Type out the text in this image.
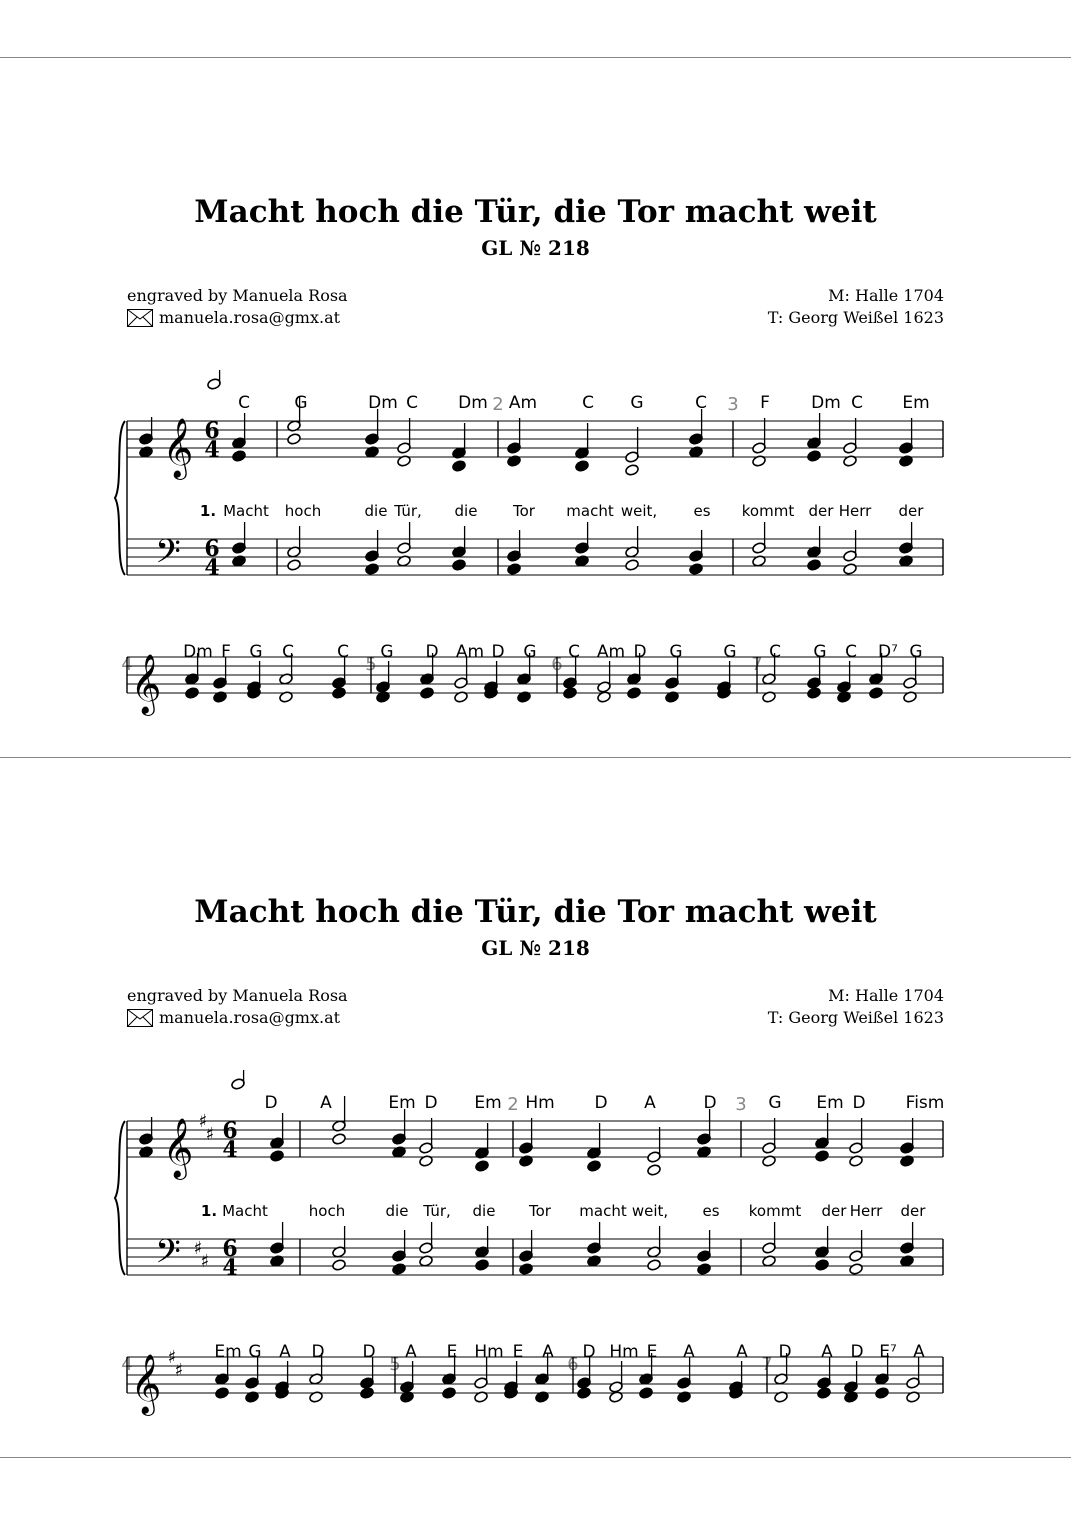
Macht hoch die Tür, die Tor macht weit
GL № 218
engraved by Manuela Rosa
manuela.rosa@gmx.at
M: Halle 1704
T: Georg Weißel 1623
𝄞
𝄢
6
4
6
4
C	G	Dm C Dm Am	C G	C	F Dm C Em
1. Macht hoch	die Tür, die Tor macht weit, es kommt der Herr der
2	3
4	5	6	7
𝄞
Dm F G C	C G D Am D G C Am D G G C G C D⁷ G
Macht hoch die Tür, die Tor macht weit
GL № 218
engraved by Manuela Rosa
manuela.rosa@gmx.at
M: Halle 1704
T: Georg Weißel 1623
𝄞
𝄢
♯
♯
♯
♯
6
4
6
4
D	A	Em D Em Hm D A	D	G Em D Fism
1. Macht	hoch	die Tür, die Tor macht weit, es kommt der Herr der
2	3
4	5	6	7
𝄞 ♯
♯
Em G A D D A E Hm E A D Hm E A A D A D E⁷ A
